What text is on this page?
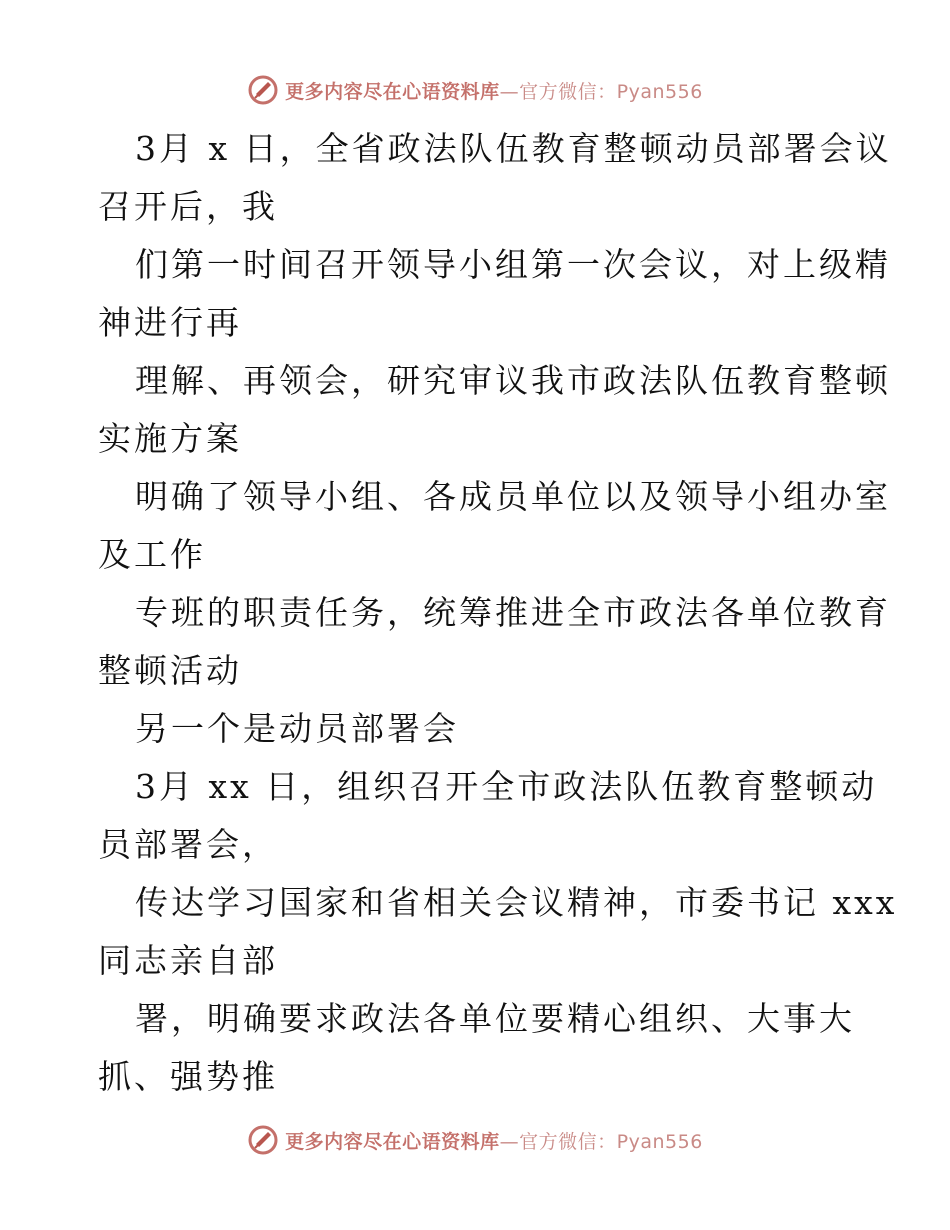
更多内容尽在心语资料库—官方微信：Pyan556
3月 x 日，全省政法队伍教育整顿动员部署会议
召开后，我
们第一时间召开领导小组第一次会议，对上级精
神进行再
理解、再领会，研究审议我市政法队伍教育整顿
实施方案
明确了领导小组、各成员单位以及领导小组办室
及工作
专班的职责任务，统筹推进全市政法各单位教育
整顿活动
另一个是动员部署会
3月 xx 日，组织召开全市政法队伍教育整顿动
员部署会，
传达学习国家和省相关会议精神，市委书记 xxx
同志亲自部
署，明确要求政法各单位要精心组织、大事大
抓、强势推
更多内容尽在心语资料库—官方微信：Pyan556
